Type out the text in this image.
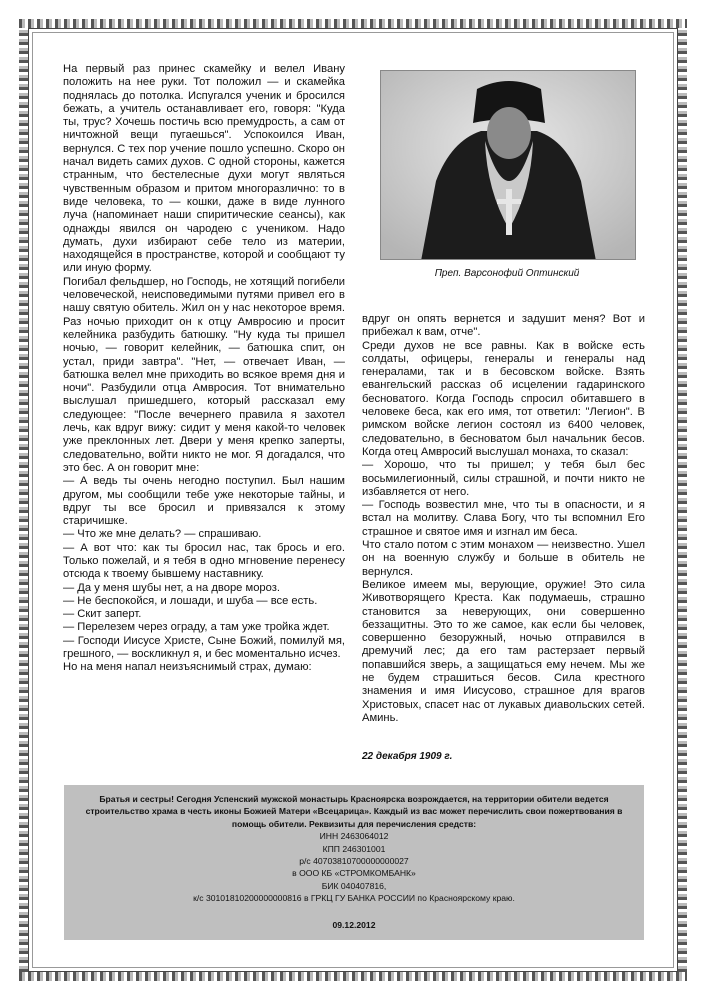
На первый раз принес скамейку и велел Ивану положить на нее руки. Тот положил — и скамейка поднялась до потолка. Испугался ученик и бросился бежать, а учитель останавливает его, говоря: "Куда ты, трус? Хочешь постичь всю премудрость, а сам от ничтожной вещи пугаешься". Успокоился Иван, вернулся. С тех пор учение пошло успешно. Скоро он начал видеть самих духов. С одной стороны, кажется странным, что бестелесные духи могут являться чувственным образом и притом многоразлично: то в виде человека, то — кошки, даже в виде лунного луча (напоминает наши спиритические сеансы), как однажды явился он чародею с учеником. Надо думать, духи избирают себе тело из материи, находящейся в пространстве, которой и сообщают ту или иную форму.

Погибал фельдшер, но Господь, не хотящий погибели человеческой, неисповедимыми путями привел его в нашу святую обитель. Жил он у нас некоторое время. Раз ночью приходит он к отцу Амвросию и просит келейника разбудить батюшку. "Ну куда ты пришел ночью, — говорит келейник, — батюшка спит, он устал, приди завтра". "Нет, — отвечает Иван, — батюшка велел мне приходить во всякое время дня и ночи". Разбудили отца Амвросия. Тот внимательно выслушал пришедшего, который рассказал ему следующее: "После вечернего правила я захотел лечь, как вдруг вижу: сидит у меня какой-то человек уже преклонных лет. Двери у меня крепко заперты, следовательно, войти никто не мог. Я догадался, что это бес. А он говорит мне:

— А ведь ты очень негодно поступил. Был нашим другом, мы сообщили тебе уже некоторые тайны, и вдруг ты все бросил и привязался к этому старичишке.

— Что же мне делать? — спрашиваю.

— А вот что: как ты бросил нас, так брось и его. Только пожелай, и я тебя в одно мгновение перенесу отсюда к твоему бывшему наставнику.

— Да у меня шубы нет, а на дворе мороз.

— Не беспокойся, и лошади, и шуба — все есть.

— Скит заперт.

— Перелезем через ограду, а там уже тройка ждет.

— Господи Иисусе Христе, Сыне Божий, помилуй мя, грешного, — воскликнул я, и бес моментально исчез.

Но на меня напал неизъяснимый страх, думаю:

Преп. Варсонофий Оптинский

вдруг он опять вернется и задушит меня? Вот и прибежал к вам, отче".

Среди духов не все равны. Как в войске есть солдаты, офицеры, генералы и генералы над генералами, так и в бесовском войске. Взять евангельский рассказ об исцелении гадаринского бесноватого. Когда Господь спросил обитавшего в человеке беса, как его имя, тот ответил: "Легион". В римском войске легион состоял из 6400 человек, следовательно, в бесноватом был начальник бесов. Когда отец Амвросий выслушал монаха, то сказал:

— Хорошо, что ты пришел; у тебя был бес восьмилегионный, силы страшной, и почти никто не избавляется от него.

— Господь возвестил мне, что ты в опасности, и я встал на молитву. Слава Богу, что ты вспомнил Его страшное и святое имя и изгнал им беса.

Что стало потом с этим монахом — неизвестно. Ушел он на военную службу и больше в обитель не вернулся.

Великое имеем мы, верующие, оружие! Это сила Животворящего Креста. Как подумаешь, страшно становится за неверующих, они совершенно беззащитны. Это то же самое, как если бы человек, совершенно безоружный, ночью отправился в дремучий лес; да его там растерзает первый попавшийся зверь, а защищаться ему нечем. Мы же не будем страшиться бесов. Сила крестного знамения и имя Иисусово, страшное для врагов Христовых, спасет нас от лукавых диавольских сетей. Аминь.

22 декабря 1909 г.
Братья и сестры! Сегодня Успенский мужской монастырь Красноярска возрождается, на территории обители ведется строительство храма в честь иконы Божией Матери «Всецарица». Каждый из вас может перечислить свои пожертвования в помощь обители. Реквизиты для перечисления средств:
ИНН 2463064012
КПП 246301001
р/с 40703810700000000027
в ООО КБ «СТРОМКОМБАНК»
БИК 040407816,
к/с 30101810200000000816 в ГРКЦ ГУ БАНКА РОССИИ по Красноярскому краю.
09.12.2012
